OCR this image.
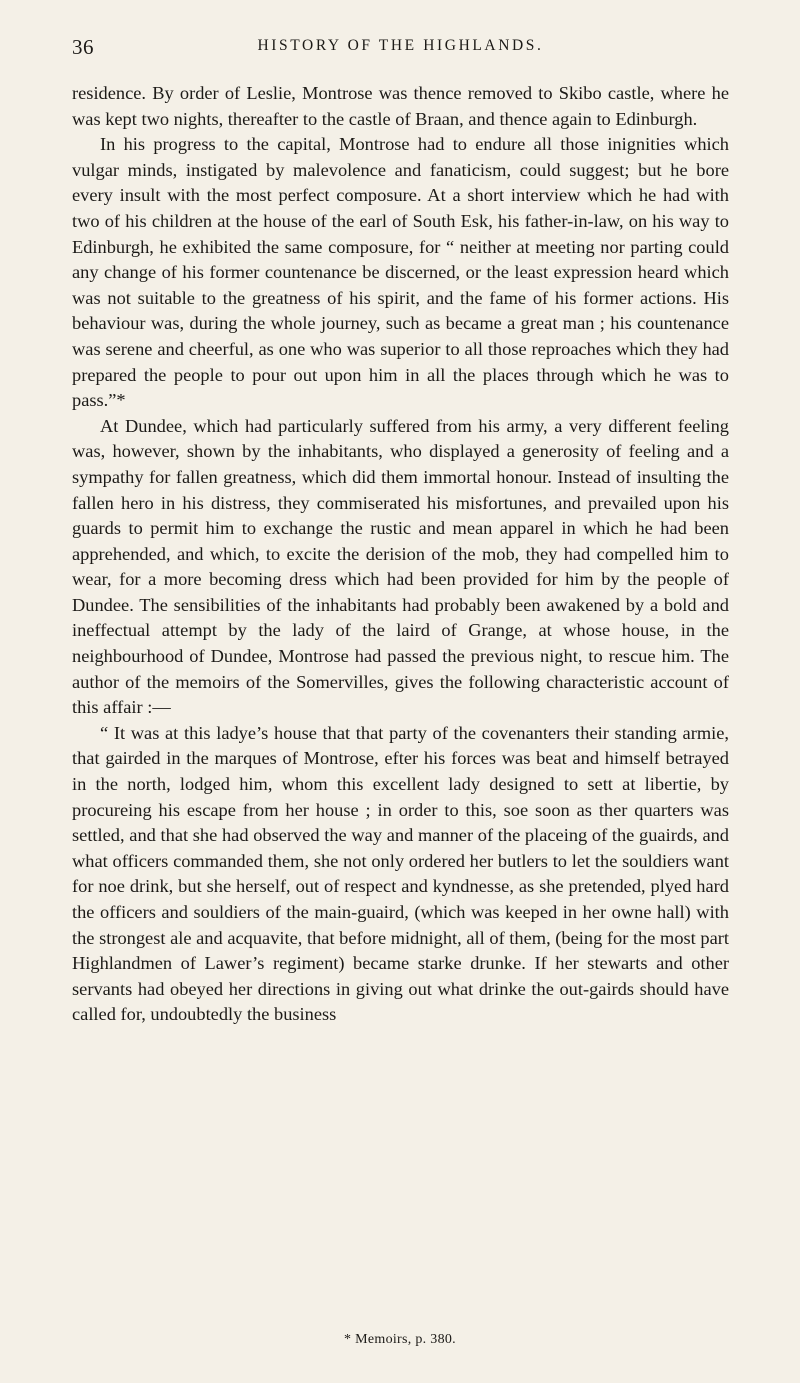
36	HISTORY OF THE HIGHLANDS.

residence. By order of Leslie, Montrose was thence removed to Skibo castle, where he was kept two nights, thereafter to the castle of Braan, and thence again to Edinburgh.

In his progress to the capital, Montrose had to endure all those inignities which vulgar minds, instigated by malevolence and fanaticism, could suggest; but he bore every insult with the most perfect composure. At a short interview which he had with two of his children at the house of the earl of South Esk, his father-in-law, on his way to Edinburgh, he exhibited the same composure, for “ neither at meeting nor parting could any change of his former countenance be discerned, or the least expression heard which was not suitable to the greatness of his spirit, and the fame of his former actions. His behaviour was, during the whole journey, such as became a great man ; his countenance was serene and cheerful, as one who was superior to all those reproaches which they had prepared the people to pour out upon him in all the places through which he was to pass.”*

At Dundee, which had particularly suffered from his army, a very different feeling was, however, shown by the inhabitants, who displayed a generosity of feeling and a sympathy for fallen greatness, which did them immortal honour. Instead of insulting the fallen hero in his distress, they commiserated his misfortunes, and prevailed upon his guards to permit him to exchange the rustic and mean apparel in which he had been apprehended, and which, to excite the derision of the mob, they had compelled him to wear, for a more becoming dress which had been provided for him by the people of Dundee. The sensibilities of the inhabitants had probably been awakened by a bold and ineffectual attempt by the lady of the laird of Grange, at whose house, in the neighbourhood of Dundee, Montrose had passed the previous night, to rescue him. The author of the memoirs of the Somervilles, gives the following characteristic account of this affair :—

“ It was at this ladye’s house that that party of the covenanters their standing armie, that gairded in the marques of Montrose, efter his forces was beat and himself betrayed in the north, lodged him, whom this excellent lady designed to sett at libertie, by procureing his escape from her house ; in order to this, soe soon as ther quarters was settled, and that she had observed the way and manner of the placeing of the guairds, and what officers commanded them, she not only ordered her butlers to let the souldiers want for noe drink, but she herself, out of respect and kyndnesse, as she pretended, plyed hard the officers and souldiers of the main-guaird, (which was keeped in her owne hall) with the strongest ale and acquavite, that before midnight, all of them, (being for the most part Highlandmen of Lawer’s regiment) became starke drunke. If her stewarts and other servants had obeyed her directions in giving out what drinke the out-gairds should have called for, undoubtedly the business

* Memoirs, p. 380.
